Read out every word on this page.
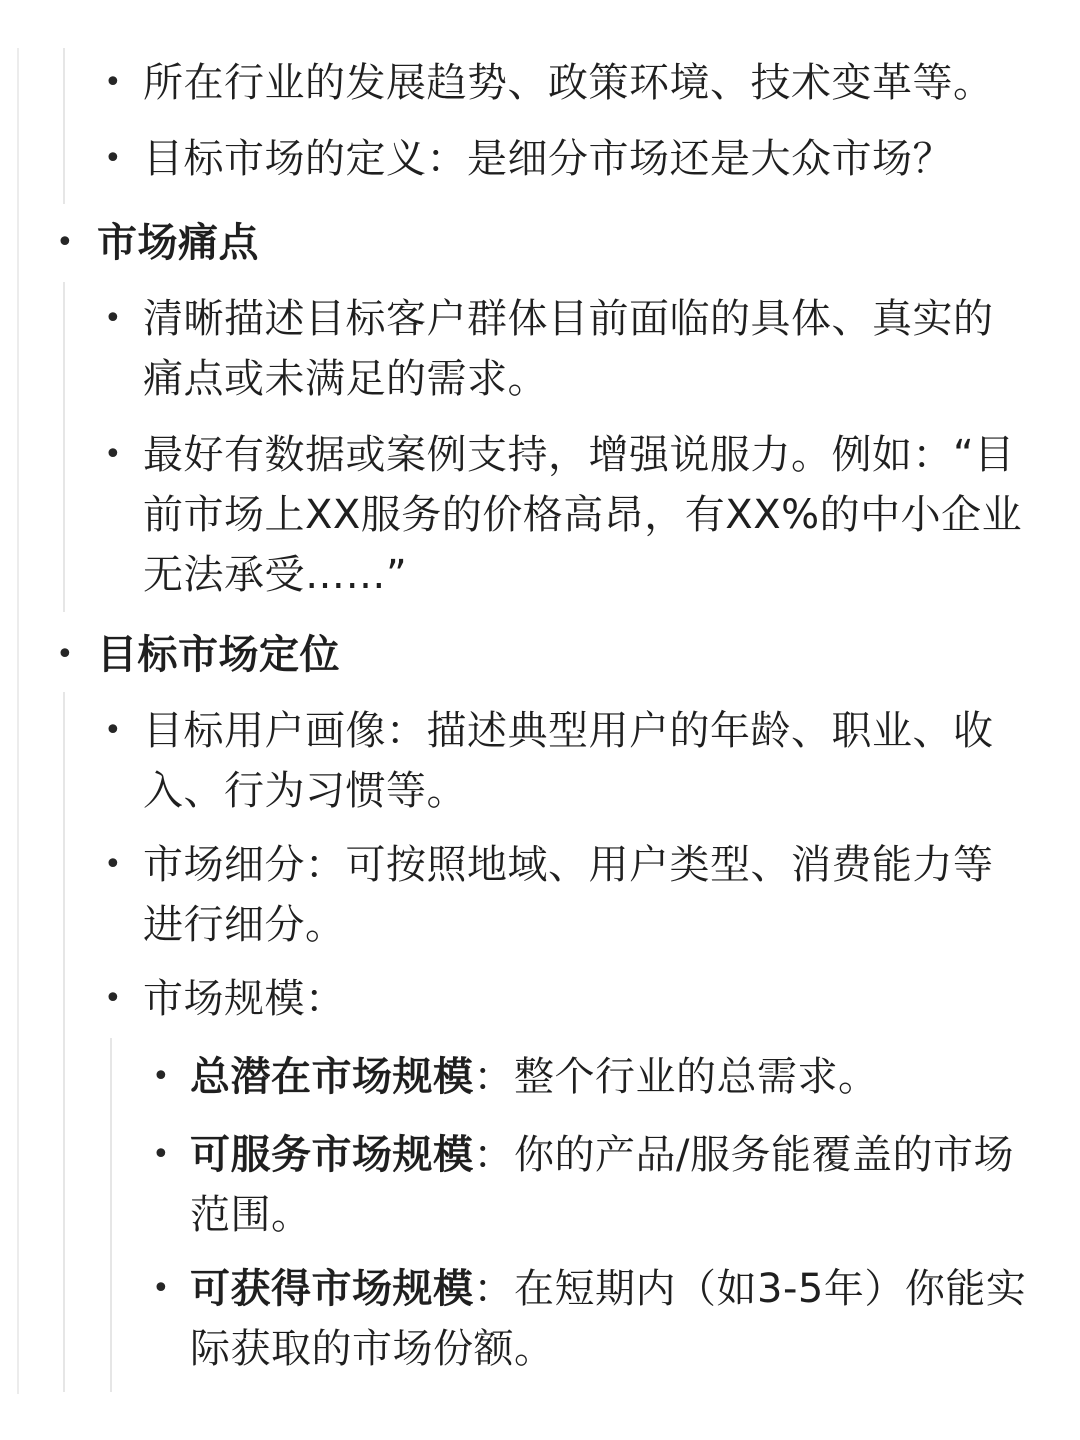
• 所在行业的发展趋势、政策环境、技术变革等。
• 目标市场的定义：是细分市场还是大众市场？
• 市场痛点
• 清晰描述目标客户群体目前面临的具体、真实的
痛点或未满足的需求。
• 最好有数据或案例支持，增强说服力。例如：“目
前市场上XX服务的价格高昂，有XX%的中小企业
无法承受……”
• 目标市场定位
• 目标用户画像：描述典型用户的年龄、职业、收
入、行为习惯等。
• 市场细分：可按照地域、用户类型、消费能力等
进行细分。
• 市场规模：
• 总潜在市场规模：整个行业的总需求。
• 可服务市场规模：你的产品/服务能覆盖的市场
范围。
• 可获得市场规模：在短期内（如3-5年）你能实
际获取的市场份额。
